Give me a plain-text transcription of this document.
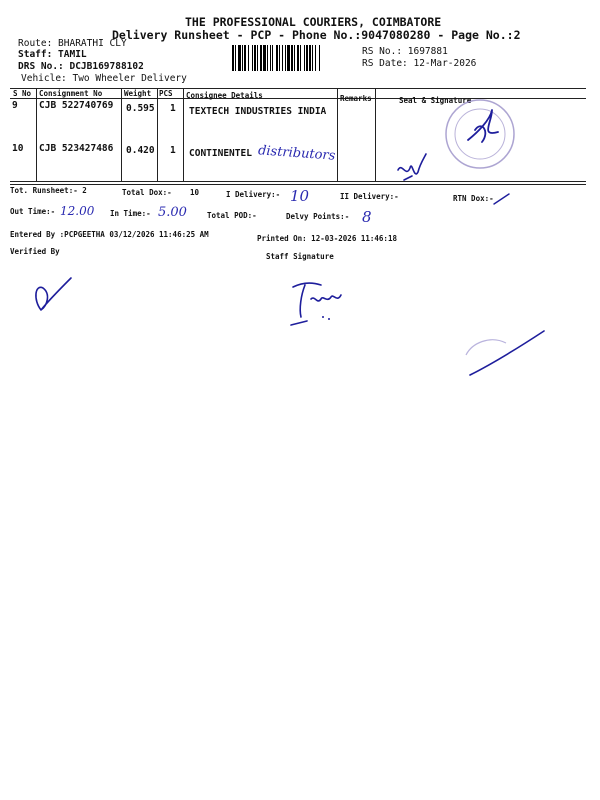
THE PROFESSIONAL COURIERS, COIMBATORE
Delivery Runsheet - PCP - Phone No.:9047080280 - Page No.:2
Route: BHARATHI CLY
Staff: TAMIL
DRS No.: DCJB169788102
Vehicle: Two Wheeler Delivery
RS No.: 1697881
RS Date: 12-Mar-2026
S No Consignment No	Weight PCS Consignee Details	Remarks	Seal & Signature
9 CJB 522740769 0.595 1 TEXTECH INDUSTRIES INDIA
10 CJB 523427486 0.420 1 CONTINENTEL distributors
Tot. Runsheet:- 2	Total Dox:- 10	I Delivery:- 10	II Delivery:-	RTN Dox:-
Out Time:- 12.00 In Time:- 5.00	Total POD:-	Delvy Points:- 8
Entered By :PCPGEETHA 03/12/2026 11:46:25 AM	Printed On: 12-03-2026 11:46:18
Verified By
Staff Signature
